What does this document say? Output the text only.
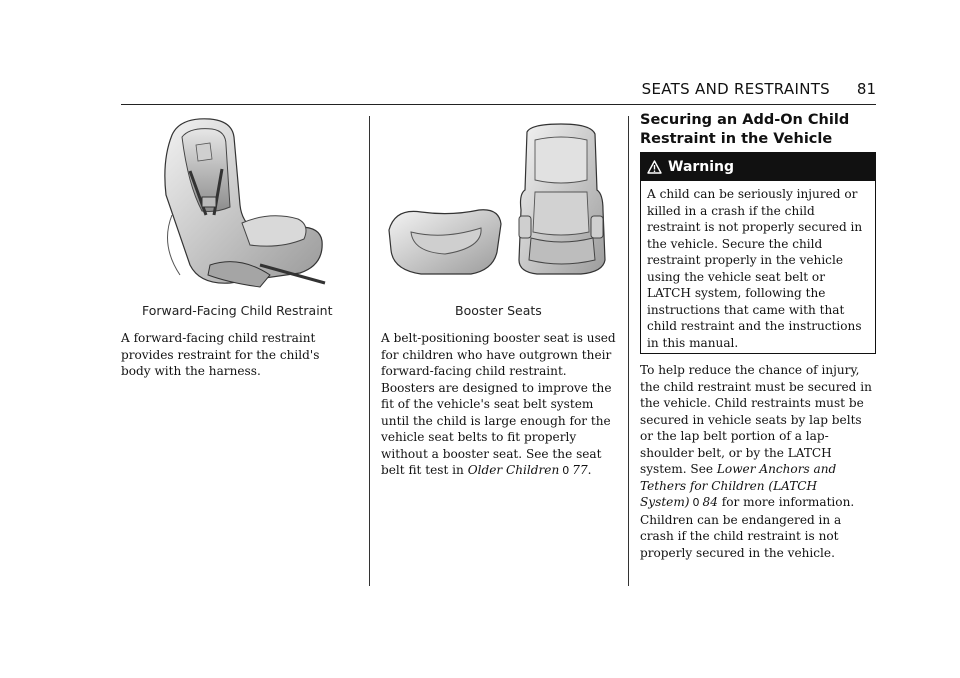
SEATS AND RESTRAINTS 81
Forward-Facing Child Restraint

A forward-facing child restraint provides restraint for the child's body with the harness.

Booster Seats

A belt-positioning booster seat is used for children who have outgrown their forward-facing child restraint. Boosters are designed to improve the fit of the vehicle's seat belt system until the child is large enough for the vehicle seat belts to fit properly without a booster seat. See the seat belt fit test in Older Children 0 77.

Securing an Add-On Child Restraint in the Vehicle
Warning
A child can be seriously injured or killed in a crash if the child restraint is not properly secured in the vehicle. Secure the child restraint properly in the vehicle using the vehicle seat belt or LATCH system, following the instructions that came with that child restraint and the instructions in this manual.

To help reduce the chance of injury, the child restraint must be secured in the vehicle. Child restraints must be secured in vehicle seats by lap belts or the lap belt portion of a lap-shoulder belt, or by the LATCH system. See Lower Anchors and Tethers for Children (LATCH System) 0 84 for more information. Children can be endangered in a crash if the child restraint is not properly secured in the vehicle.
